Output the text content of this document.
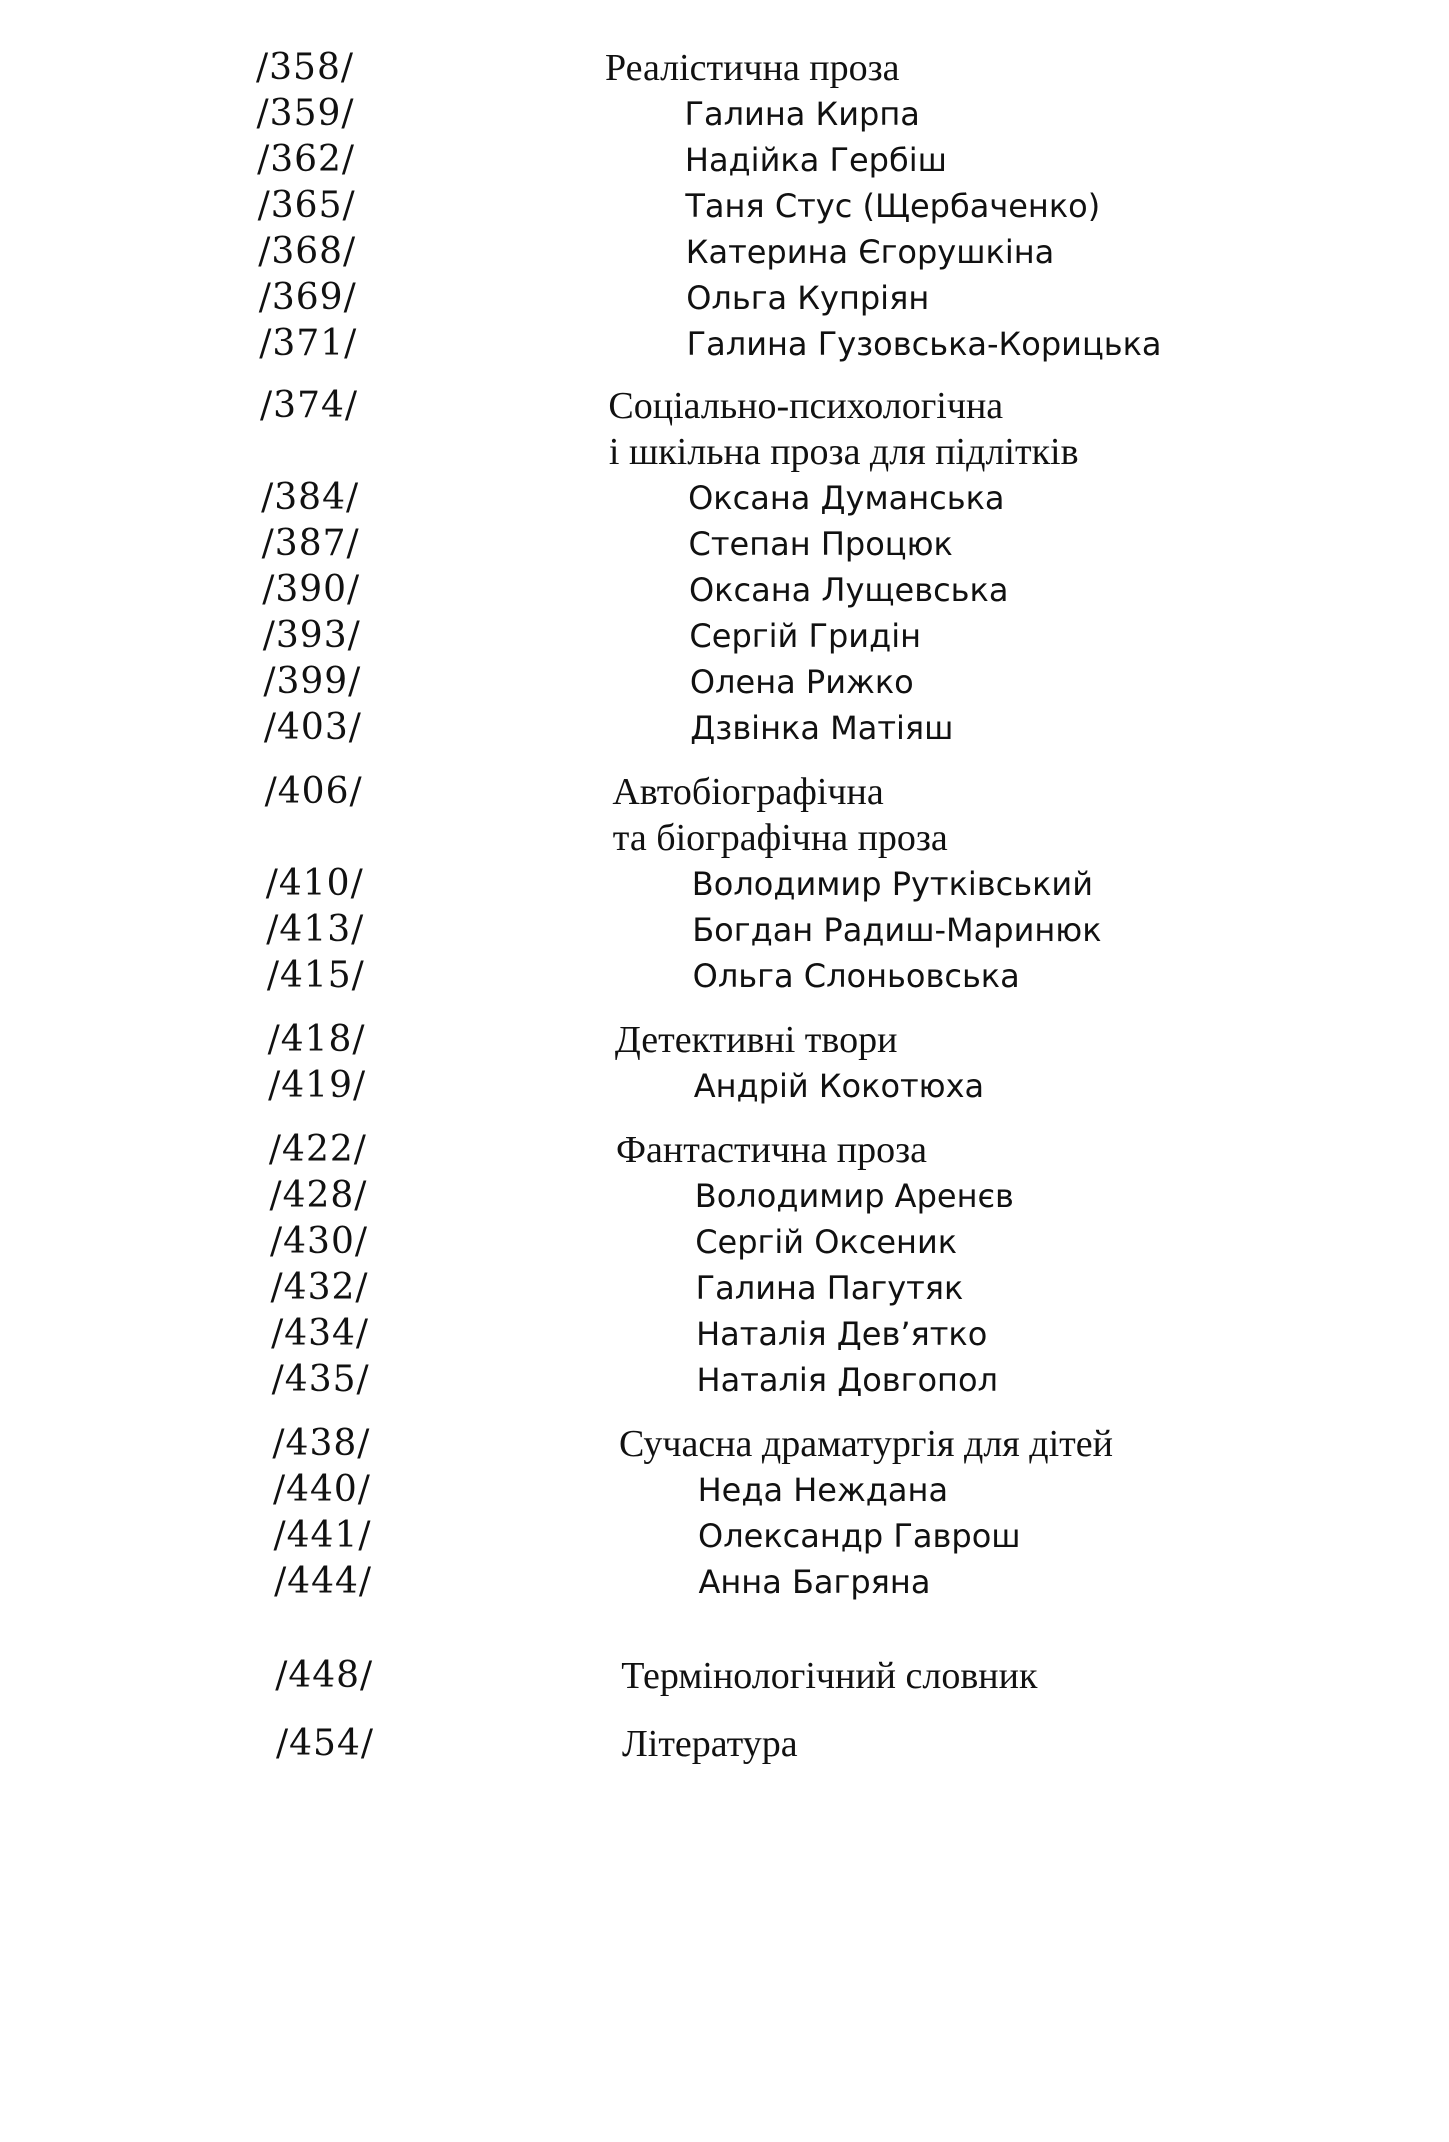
/358/	Реалістична проза
/359/	Галина Кирпа
/362/	Надійка Гербіш
/365/	Таня Стус (Щербаченко)
/368/	Катерина Єгорушкіна
/369/	Ольга Купріян
/371/	Галина Гузовська-Корицька
/374/	Соціально-психологічна
і шкільна проза для підлітків
/384/	Оксана Думанська
/387/	Степан Процюк
/390/	Оксана Лущевська
/393/	Сергій Гридін
/399/	Олена Рижко
/403/	Дзвінка Матіяш
/406/	Автобіографічна
та біографічна проза
/410/	Володимир Рутківський
/413/	Богдан Радиш-Маринюк
/415/	Ольга Слоньовська
/418/	Детективні твори
/419/	Андрій Кокотюха
/422/	Фантастична проза
/428/	Володимир Аренєв
/430/	Сергій Оксеник
/432/	Галина Пагутяк
/434/	Наталія Дев’ятко
/435/	Наталія Довгопол
/438/	Сучасна драматургія для дітей
/440/	Неда Неждана
/441/	Олександр Гаврош
/444/	Анна Багряна
/448/	Термінологічний словник
/454/	Література
